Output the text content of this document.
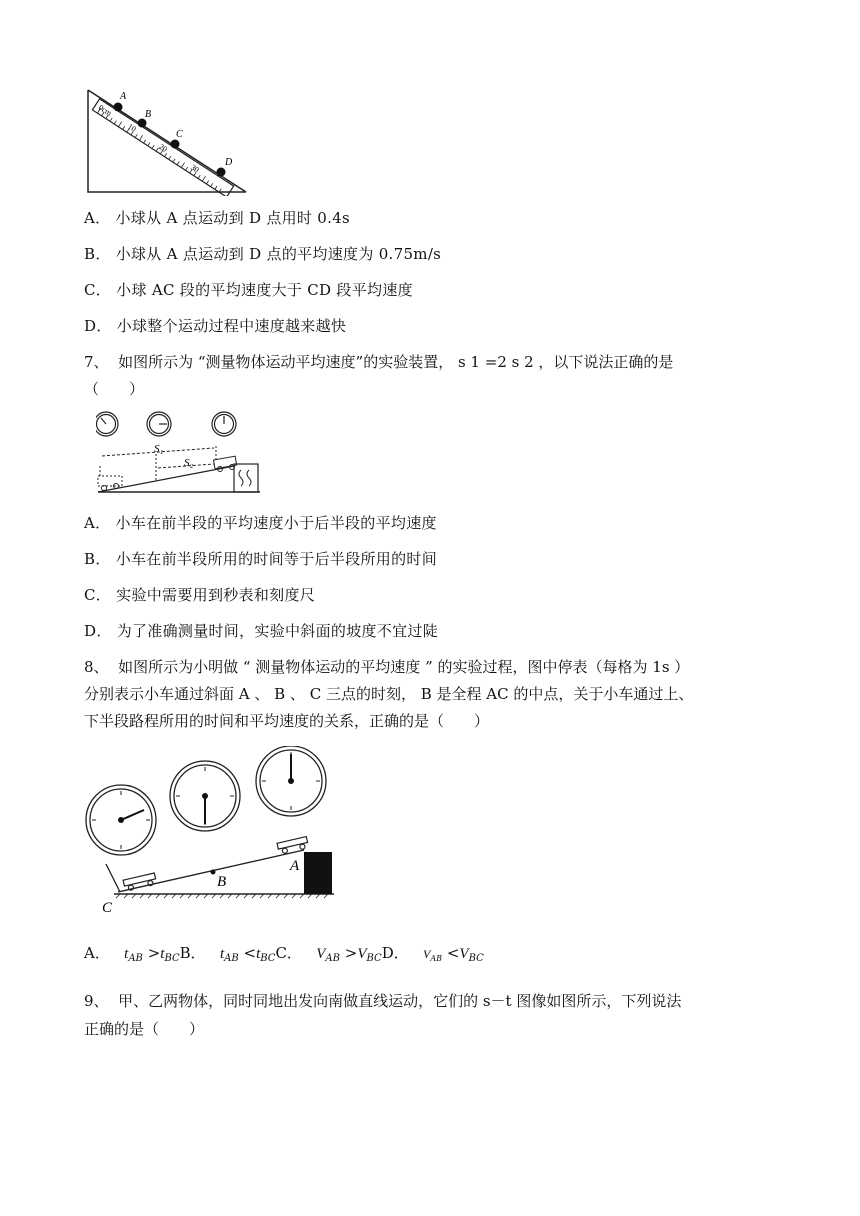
0cm
10
20
30
A
B
C
D
A． 小球从 A 点运动到 D 点用时 0.4s
B． 小球从 A 点运动到 D 点的平均速度为 0.75m/s
C． 小球 AC 段的平均速度大于 CD 段平均速度
D． 小球整个运动过程中速度越来越快
7、 如图所示为 “测量物体运动平均速度”的实验装置， s 1 =2 s 2 ，以下说法正确的是
（　　）
S₁
S₂
A． 小车在前半段的平均速度小于后半段的平均速度
B． 小车在前半段所用的时间等于后半段所用的时间
C． 实验中需要用到秒表和刻度尺
D． 为了准确测量时间，实验中斜面的坡度不宜过陡
8、 如图所示为小明做 “ 测量物体运动的平均速度 ” 的实验过程，图中停表（每格为 1s ）
分别表示小车通过斜面 A 、 B 、 C 三点的时刻， B 是全程 AC 的中点，关于小车通过上、
下半段路程所用的时间和平均速度的关系，正确的是（　　）
B
A
C
A． $t_{AB} >t_{BC}B$． $t_{AB} <t_{BC}C$． $V_{AB} >V_{BC}D$． $V_{AB} <V_{BC}$
9、 甲、乙两物体，同时同地出发向南做直线运动，它们的 s－t 图像如图所示，下列说法
正确的是（　　）
